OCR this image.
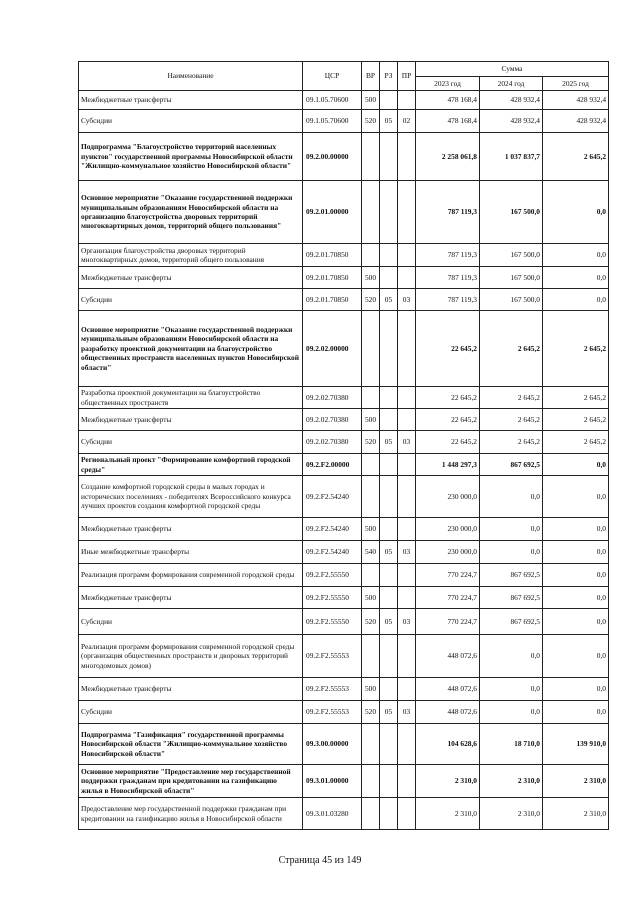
Наименование	ЦСР	ВР	РЗ	ПР	Сумма		
					2023 год	2024 год	2025 год
Межбюджетные трансферты	09.1.05.70600	500			478 168,4	428 932,4	428 932,4
Субсидии	09.1.05.70600	520	05	02	478 168,4	428 932,4	428 932,4
Подпрограмма "Благоустройство территорий населенных пунктов" государственной программы Новосибирской области "Жилищно-коммунальное хозяйство Новосибирской области"	09.2.00.00000				2 258 061,8	1 037 837,7	2 645,2
Основное мероприятие "Оказание государственной поддержки муниципальным образованиям Новосибирской области на организацию благоустройства дворовых территорий многоквартирных домов, территорий общего пользования"	09.2.01.00000				787 119,3	167 500,0	0,0
Организация благоустройства дворовых территорий многоквартирных домов, территорий общего пользования	09.2.01.70850				787 119,3	167 500,0	0,0
Межбюджетные трансферты	09.2.01.70850	500			787 119,3	167 500,0	0,0
Субсидии	09.2.01.70850	520	05	03	787 119,3	167 500,0	0,0
Основное мероприятие "Оказание государственной поддержки муниципальным образованиям Новосибирской области на разработку проектной документации на благоустройство общественных пространств населенных пунктов Новосибирской области"	09.2.02.00000				22 645,2	2 645,2	2 645,2
Разработка проектной документации на благоустройство общественных пространств	09.2.02.70380				22 645,2	2 645,2	2 645,2
Межбюджетные трансферты	09.2.02.70380	500			22 645,2	2 645,2	2 645,2
Субсидии	09.2.02.70380	520	05	03	22 645,2	2 645,2	2 645,2
Региональный проект "Формирование комфортной городской среды"	09.2.F2.00000				1 448 297,3	867 692,5	0,0
Создание комфортной городской среды в малых городах и исторических поселениях - победителях Всероссийского конкурса лучших проектов создания комфортной городской среды	09.2.F2.54240				230 000,0	0,0	0,0
Межбюджетные трансферты	09.2.F2.54240	500			230 000,0	0,0	0,0
Иные межбюджетные трансферты	09.2.F2.54240	540	05	03	230 000,0	0,0	0,0
Реализация программ формирования современной городской среды	09.2.F2.55550				770 224,7	867 692,5	0,0
Межбюджетные трансферты	09.2.F2.55550	500			770 224,7	867 692,5	0,0
Субсидии	09.2.F2.55550	520	05	03	770 224,7	867 692,5	0,0
Реализация программ формирования современной городской среды (организация общественных пространств и дворовых территорий многодомовых домов)	09.2.F2.55553				448 072,6	0,0	0,0
Межбюджетные трансферты	09.2.F2.55553	500			448 072,6	0,0	0,0
Субсидии	09.2.F2.55553	520	05	03	448 072,6	0,0	0,0
Подпрограмма "Газификация" государственной программы Новосибирской области "Жилищно-коммунальное хозяйство Новосибирской области"	09.3.00.00000				104 628,6	18 710,0	139 910,0
Основное мероприятие "Предоставление мер государственной поддержки гражданам при кредитовании на газификацию жилья в Новосибирской области"	09.3.01.00000				2 310,0	2 310,0	2 310,0
Предоставление мер государственной поддержки гражданам при кредитовании на газификацию жилья в Новосибирской области	09.3.01.03280				2 310,0	2 310,0	2 310,0
Страница 45 из 149
